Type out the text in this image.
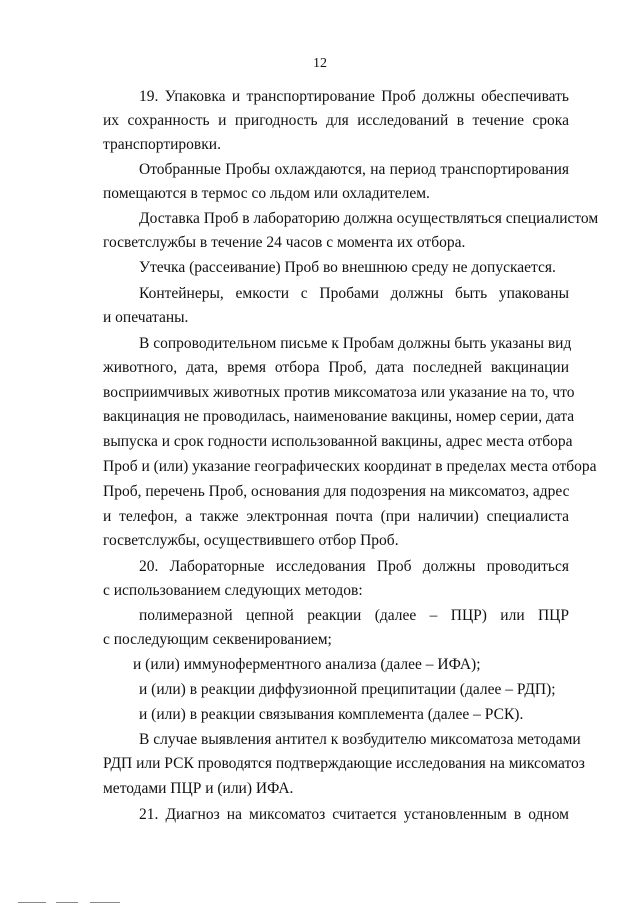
12
19. Упаковка и транспортирование Проб должны обеспечивать
их сохранность и пригодность для исследований в течение срока
транспортировки.
Отобранные Пробы охлаждаются, на период транспортирования
помещаются в термос со льдом или охладителем.
Доставка Проб в лабораторию должна осуществляться специалистом
госветслужбы в течение 24 часов с момента их отбора.
Утечка (рассеивание) Проб во внешнюю среду не допускается.
Контейнеры, емкости с Пробами должны быть упакованы
и опечатаны.
В сопроводительном письме к Пробам должны быть указаны вид
животного, дата, время отбора Проб, дата последней вакцинации
восприимчивых животных против миксоматоза или указание на то, что
вакцинация не проводилась, наименование вакцины, номер серии, дата
выпуска и срок годности использованной вакцины, адрес места отбора
Проб и (или) указание географических координат в пределах места отбора
Проб, перечень Проб, основания для подозрения на миксоматоз, адрес
и телефон, а также электронная почта (при наличии) специалиста
госветслужбы, осуществившего отбор Проб.
20. Лабораторные исследования Проб должны проводиться
с использованием следующих методов:
полимеразной цепной реакции (далее – ПЦР) или ПЦР
с последующим секвенированием;
и (или) иммуноферментного анализа (далее – ИФА);
и (или) в реакции диффузионной преципитации (далее – РДП);
и (или) в реакции связывания комплемента (далее – РСК).
В случае выявления антител к возбудителю миксоматоза методами
РДП или РСК проводятся подтверждающие исследования на миксоматоз
методами ПЦР и (или) ИФА.
21. Диагноз на миксоматоз считается установленным в одном
